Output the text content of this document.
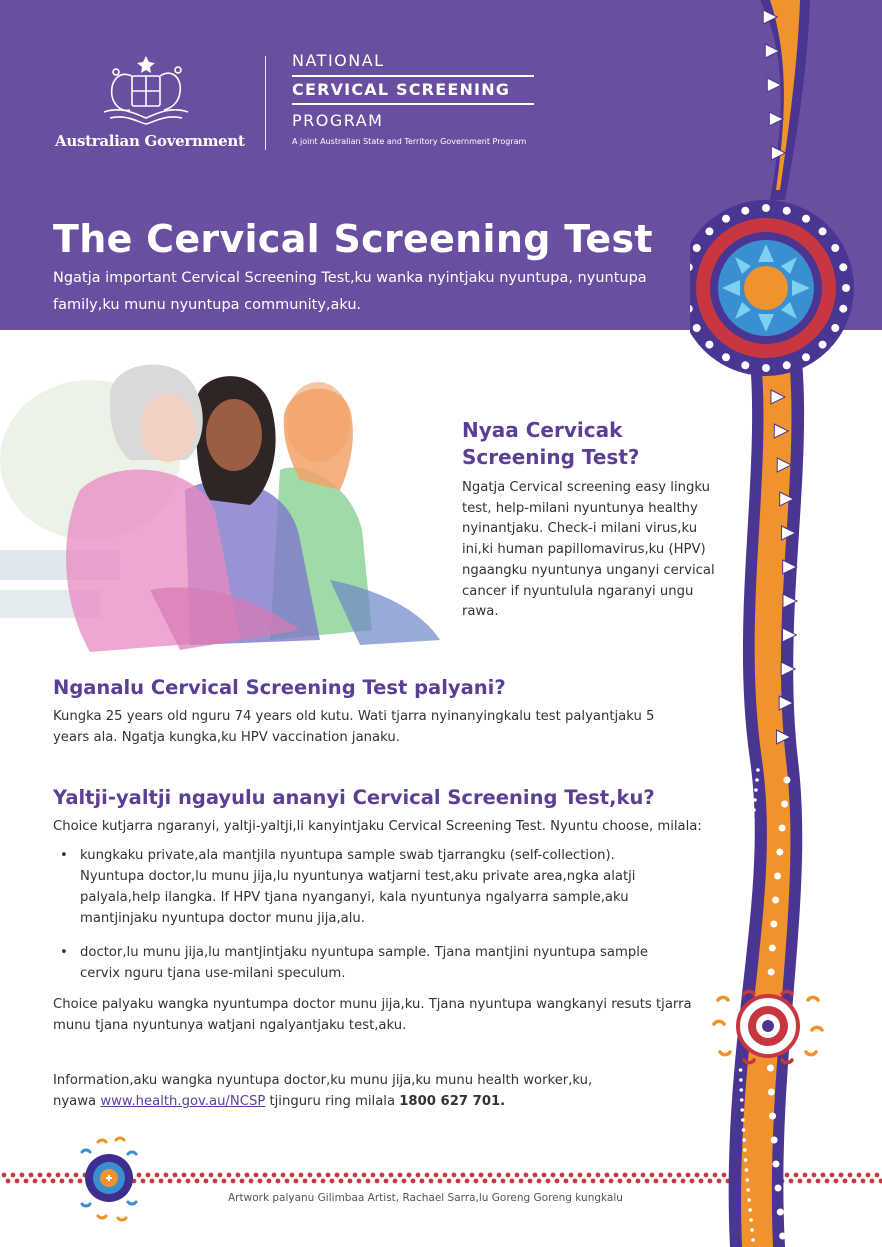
Australian Government
NATIONAL
CERVICAL SCREENING
PROGRAM
A joint Australian State and Territory Government Program
The Cervical Screening Test
Ngatja important Cervical Screening Test,ku wanka nyintjaku nyuntupa, nyuntupa family,ku munu nyuntupa community,aku.
Nyaa Cervicak Screening Test?
Ngatja Cervical screening easy lingku test, help-milani nyuntunya healthy nyinantjaku. Check-i milani virus,ku ini,ki human papillomavirus,ku (HPV) ngaangku nyuntunya unganyi cervical cancer if nyuntulula ngaranyi ungu rawa.
Nganalu Cervical Screening Test palyani?
Kungka 25 years old nguru 74 years old kutu. Wati tjarra nyinanyingkalu test palyantjaku 5 years ala. Ngatja kungka,ku HPV vaccination janaku.
Yaltji-yaltji ngayulu ananyi Cervical Screening Test,ku?
Choice kutjarra ngaranyi, yaltji-yaltji,li kanyintjaku Cervical Screening Test. Nyuntu choose, milala:
• kungkaku private,ala mantjila nyuntupa sample swab tjarrangku (self-collection). Nyuntupa doctor,lu munu jija,lu nyuntunya watjarni test,aku private area,ngka alatji palyala,help ilangka. If HPV tjana nyanganyi, kala nyuntunya ngalyarra sample,aku mantjinjaku nyuntupa doctor munu jija,alu.
• doctor,lu munu jija,lu mantjintjaku nyuntupa sample. Tjana mantjini nyuntupa sample cervix nguru tjana use-milani speculum.
Choice palyaku wangka nyuntumpa doctor munu jija,ku. Tjana nyuntupa wangkanyi resuts tjarra munu tjana nyuntunya watjani ngalyantjaku test,aku.
Information,aku wangka nyuntupa doctor,ku munu jija,ku munu health worker,ku,
nyawa www.health.gov.au/NCSP tjinguru ring milala 1800 627 701.
Artwork palyanu Gilimbaa Artist, Rachael Sarra,lu Goreng Goreng kungkalu
